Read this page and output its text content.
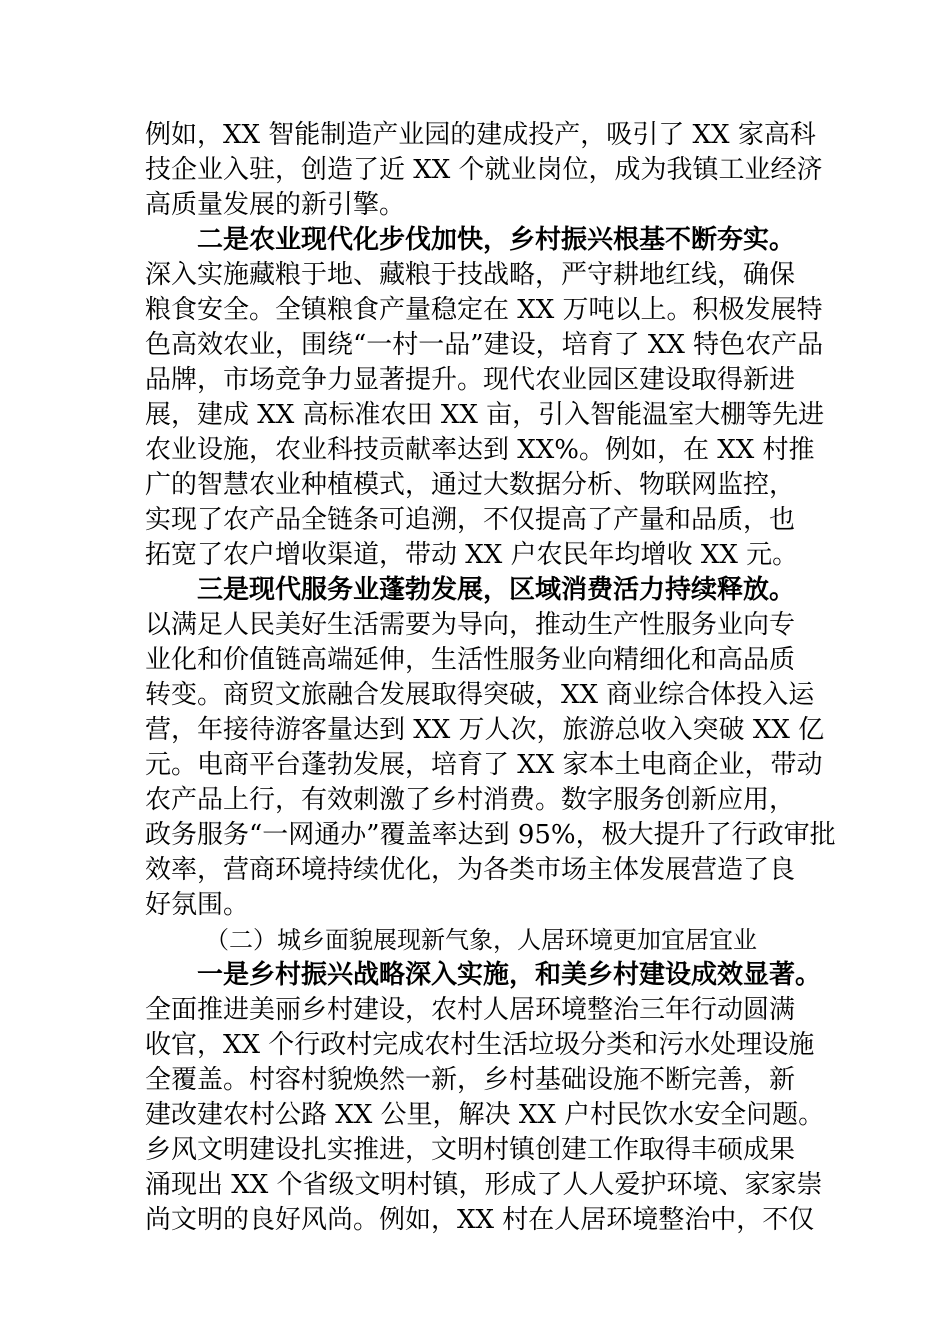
例如，XX 智能制造产业园的建成投产，吸引了 XX 家高科
技企业入驻，创造了近 XX 个就业岗位，成为我镇工业经济
高质量发展的新引擎。
二是农业现代化步伐加快，乡村振兴根基不断夯实。
深入实施藏粮于地、藏粮于技战略，严守耕地红线，确保
粮食安全。全镇粮食产量稳定在 XX 万吨以上。积极发展特
色高效农业，围绕“一村一品”建设，培育了 XX 特色农产品
品牌，市场竞争力显著提升。现代农业园区建设取得新进
展，建成 XX 高标准农田 XX 亩，引入智能温室大棚等先进
农业设施，农业科技贡献率达到 XX%。例如，在 XX 村推
广的智慧农业种植模式，通过大数据分析、物联网监控，
实现了农产品全链条可追溯，不仅提高了产量和品质，也
拓宽了农户增收渠道，带动 XX 户农民年均增收 XX 元。
三是现代服务业蓬勃发展，区域消费活力持续释放。
以满足人民美好生活需要为导向，推动生产性服务业向专
业化和价值链高端延伸，生活性服务业向精细化和高品质
转变。商贸文旅融合发展取得突破，XX 商业综合体投入运
营，年接待游客量达到 XX 万人次，旅游总收入突破 XX 亿
元。电商平台蓬勃发展，培育了 XX 家本土电商企业，带动
农产品上行，有效刺激了乡村消费。数字服务创新应用，
政务服务“一网通办”覆盖率达到 95%，极大提升了行政审批
效率，营商环境持续优化，为各类市场主体发展营造了良
好氛围。
（二）城乡面貌展现新气象，人居环境更加宜居宜业
一是乡村振兴战略深入实施，和美乡村建设成效显著。
全面推进美丽乡村建设，农村人居环境整治三年行动圆满
收官，XX 个行政村完成农村生活垃圾分类和污水处理设施
全覆盖。村容村貌焕然一新，乡村基础设施不断完善，新
建改建农村公路 XX 公里，解决 XX 户村民饮水安全问题。
乡风文明建设扎实推进，文明村镇创建工作取得丰硕成果
涌现出 XX 个省级文明村镇，形成了人人爱护环境、家家崇
尚文明的良好风尚。例如，XX 村在人居环境整治中，不仅
